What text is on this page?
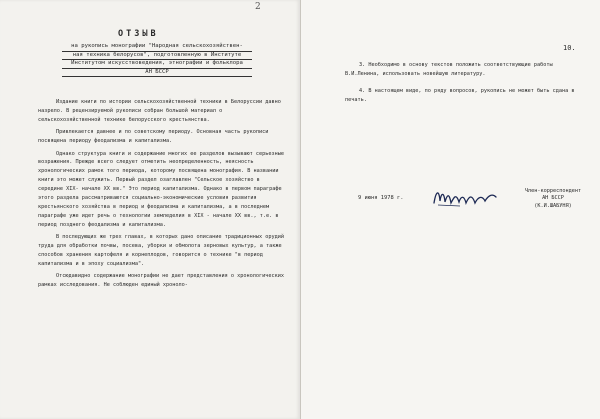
2
ОТЗЫВ
на рукопись монографии "Народная сельскохозяйствен-
ная техника белорусов", подготовленную в Институте
Институтом искусствоведения, этнографии и фольклора
АН БССР

Издание книги по истории сельскохозяйственной техники в Белоруссии давно назрело. В рецензируемой рукописи собран большой материал о сельскохозяйственной технике белорусского крестьянства.

Привлекается давнее и по советскому периоду. Основная часть рукописи посвящена периоду феодализма и капитализма.

Однако структура книги и содержание многих ее разделов вызывают серьезные возражения. Прежде всего следует отметить неопределенность, неясность хронологических рамок того периода, которому посвящена монография. В названии книги это может служить. Первый раздел озаглавлен "Сельское хозяйство в середине XIX- начале XX вв." Это период капитализма. Однако в первом параграфе этого раздела рассматриваются социально-экономические условия развития крестьянского хозяйства в период и феодализма и капитализма, а в последнем параграфе уже идет речь о технологии земледелия в XIX - начале XX вв., т.е. в период позднего феодализма и капитализма.

В последующих же трех главах, в которых дано описание традиционных орудий труда для обработки почвы, посева, уборки и обмолота зерновых культур, а также способов хранения картофеля и корнеплодов, говорится о технике "в период капитализма и в эпоху социализма".

Отсюдавидно содержание монографии не дает представления о хронологических рамках исследования. Не соблюден единый хроноло-

10.

3. Необходимо в основу текстов положить соответствующие работы В.И.Ленина, использовать новейшую литературу.

4. В настоящем виде, по ряду вопросов, рукопись не может быть сдана в печать.

9 июня 1978 г.
Член-корреспондент
АН БССР
(К.И.ШАБУНЯ)
